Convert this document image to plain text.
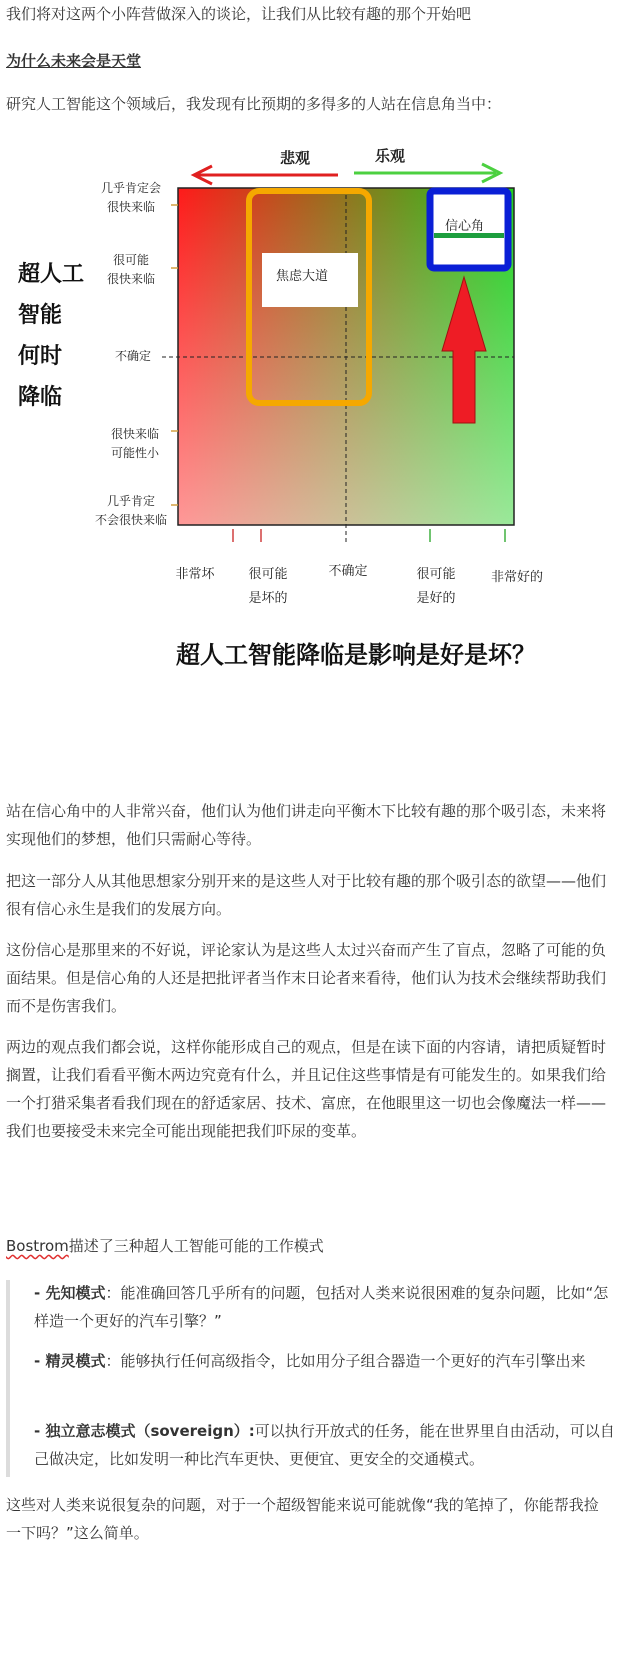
我们将对这两个小阵营做深入的谈论，让我们从比较有趣的那个开始吧

为什么未来会是天堂

研究人工智能这个领域后，我发现有比预期的多得多的人站在信息角当中：

悲观	乐观
几乎肯定会很快来临
很可能很快来临
不确定
很快来临可能性小
几乎肯定不会很快来临
超人工智能何时降临
非常坏	很可能是坏的
不确定	很可能是好的
非常好的
焦虑大道
信心角
超人工智能降临是影响是好是坏？

站在信心角中的人非常兴奋，他们认为他们讲走向平衡木下比较有趣的那个吸引态，未来将实现他们的梦想，他们只需耐心等待。

把这一部分人从其他思想家分别开来的是这些人对于比较有趣的那个吸引态的欲望——他们很有信心永生是我们的发展方向。

这份信心是那里来的不好说，评论家认为是这些人太过兴奋而产生了盲点，忽略了可能的负面结果。但是信心角的人还是把批评者当作末日论者来看待，他们认为技术会继续帮助我们而不是伤害我们。

两边的观点我们都会说，这样你能形成自己的观点，但是在读下面的内容请，请把质疑暂时搁置，让我们看看平衡木两边究竟有什么，并且记住这些事情是有可能发生的。如果我们给一个打猎采集者看我们现在的舒适家居、技术、富庶，在他眼里这一切也会像魔法一样——我们也要接受未来完全可能出现能把我们吓尿的变革。

Bostrom描述了三种超人工智能可能的工作模式

- 先知模式：能准确回答几乎所有的问题，包括对人类来说很困难的复杂问题，比如“怎样造一个更好的汽车引擎？”

- 精灵模式：能够执行任何高级指令，比如用分子组合器造一个更好的汽车引擎出来

- 独立意志模式（sovereign）:可以执行开放式的任务，能在世界里自由活动，可以自己做决定，比如发明一种比汽车更快、更便宜、更安全的交通模式。

这些对人类来说很复杂的问题，对于一个超级智能来说可能就像“我的笔掉了，你能帮我捡一下吗？”这么简单。
